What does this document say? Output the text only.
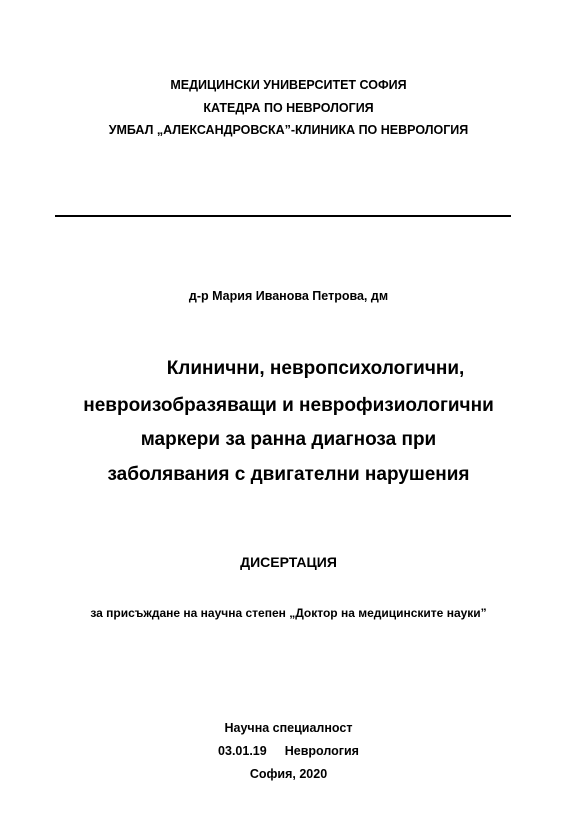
МЕДИЦИНСКИ УНИВЕРСИТЕТ СОФИЯ
КАТЕДРА ПО НЕВРОЛОГИЯ
УМБАЛ „АЛЕКСАНДРОВСКА”-КЛИНИКА ПО НЕВРОЛОГИЯ
д-р Мария Иванова Петрова, дм
Клинични, невропсихологични,
невроизобразяващи и неврофизиологични
маркери за ранна диагноза при
заболявания с двигателни нарушения
ДИСЕРТАЦИЯ
за присъждане на научна степен „Доктор на медицинските науки”
Научна специалност
03.01.19 Неврология
София, 2020
